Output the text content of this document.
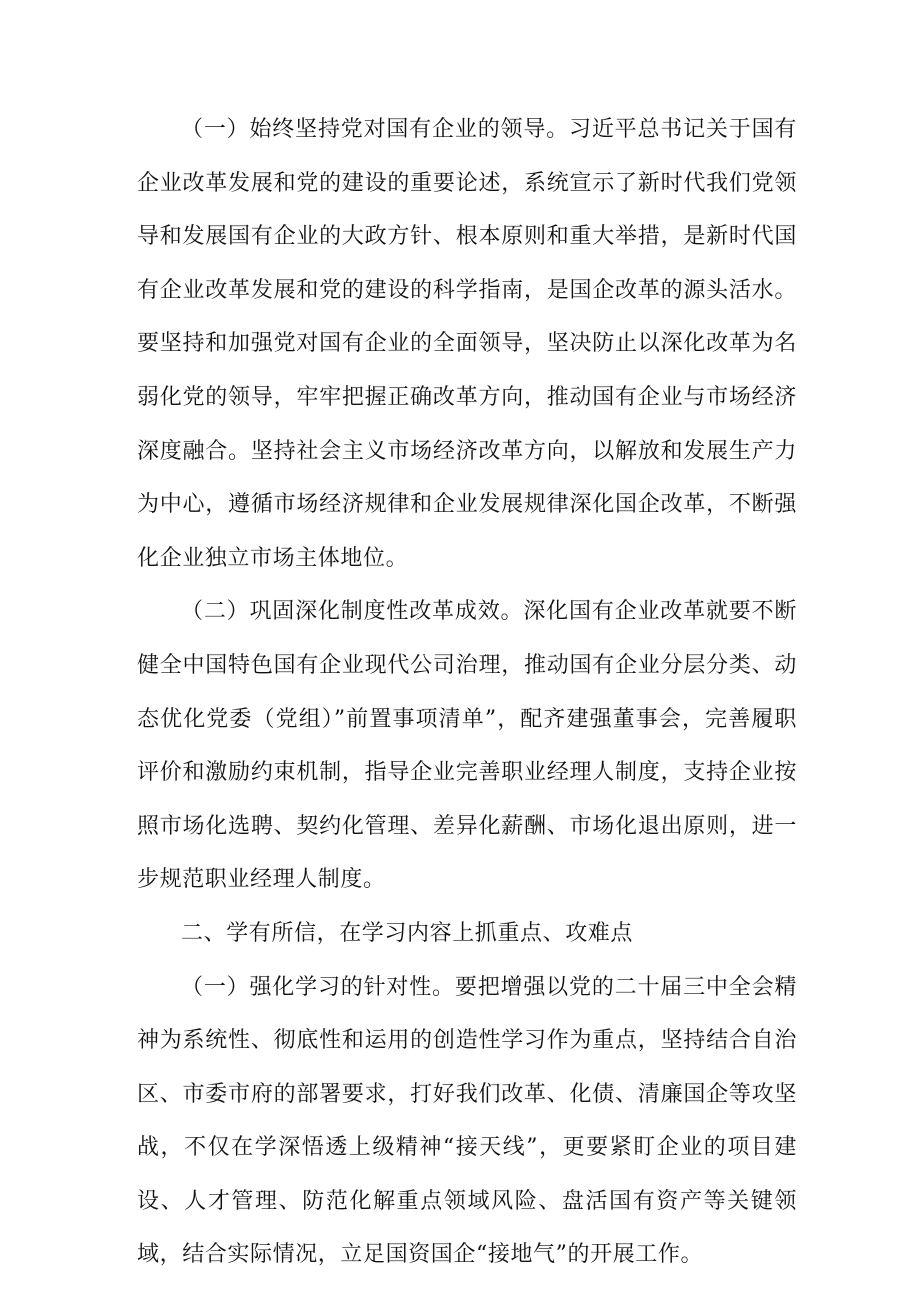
（一）始终坚持党对国有企业的领导。习近平总书记关于国有企业改革发展和党的建设的重要论述，系统宣示了新时代我们党领导和发展国有企业的大政方针、根本原则和重大举措，是新时代国有企业改革发展和党的建设的科学指南，是国企改革的源头活水。要坚持和加强党对国有企业的全面领导，坚决防止以深化改革为名弱化党的领导，牢牢把握正确改革方向，推动国有企业与市场经济深度融合。坚持社会主义市场经济改革方向，以解放和发展生产力为中心，遵循市场经济规律和企业发展规律深化国企改革，不断强化企业独立市场主体地位。

（二）巩固深化制度性改革成效。深化国有企业改革就要不断健全中国特色国有企业现代公司治理，推动国有企业分层分类、动态优化党委（党组）”前置事项清单”，配齐建强董事会，完善履职评价和激励约束机制，指导企业完善职业经理人制度，支持企业按照市场化选聘、契约化管理、差异化薪酬、市场化退出原则，进一步规范职业经理人制度。

二、学有所信，在学习内容上抓重点、攻难点

（一）强化学习的针对性。要把增强以党的二十届三中全会精神为系统性、彻底性和运用的创造性学习作为重点，坚持结合自治区、市委市府的部署要求，打好我们改革、化债、清廉国企等攻坚战，不仅在学深悟透上级精神“接天线”，更要紧盯企业的项目建设、人才管理、防范化解重点领域风险、盘活国有资产等关键领域，结合实际情况，立足国资国企“接地气”的开展工作。
